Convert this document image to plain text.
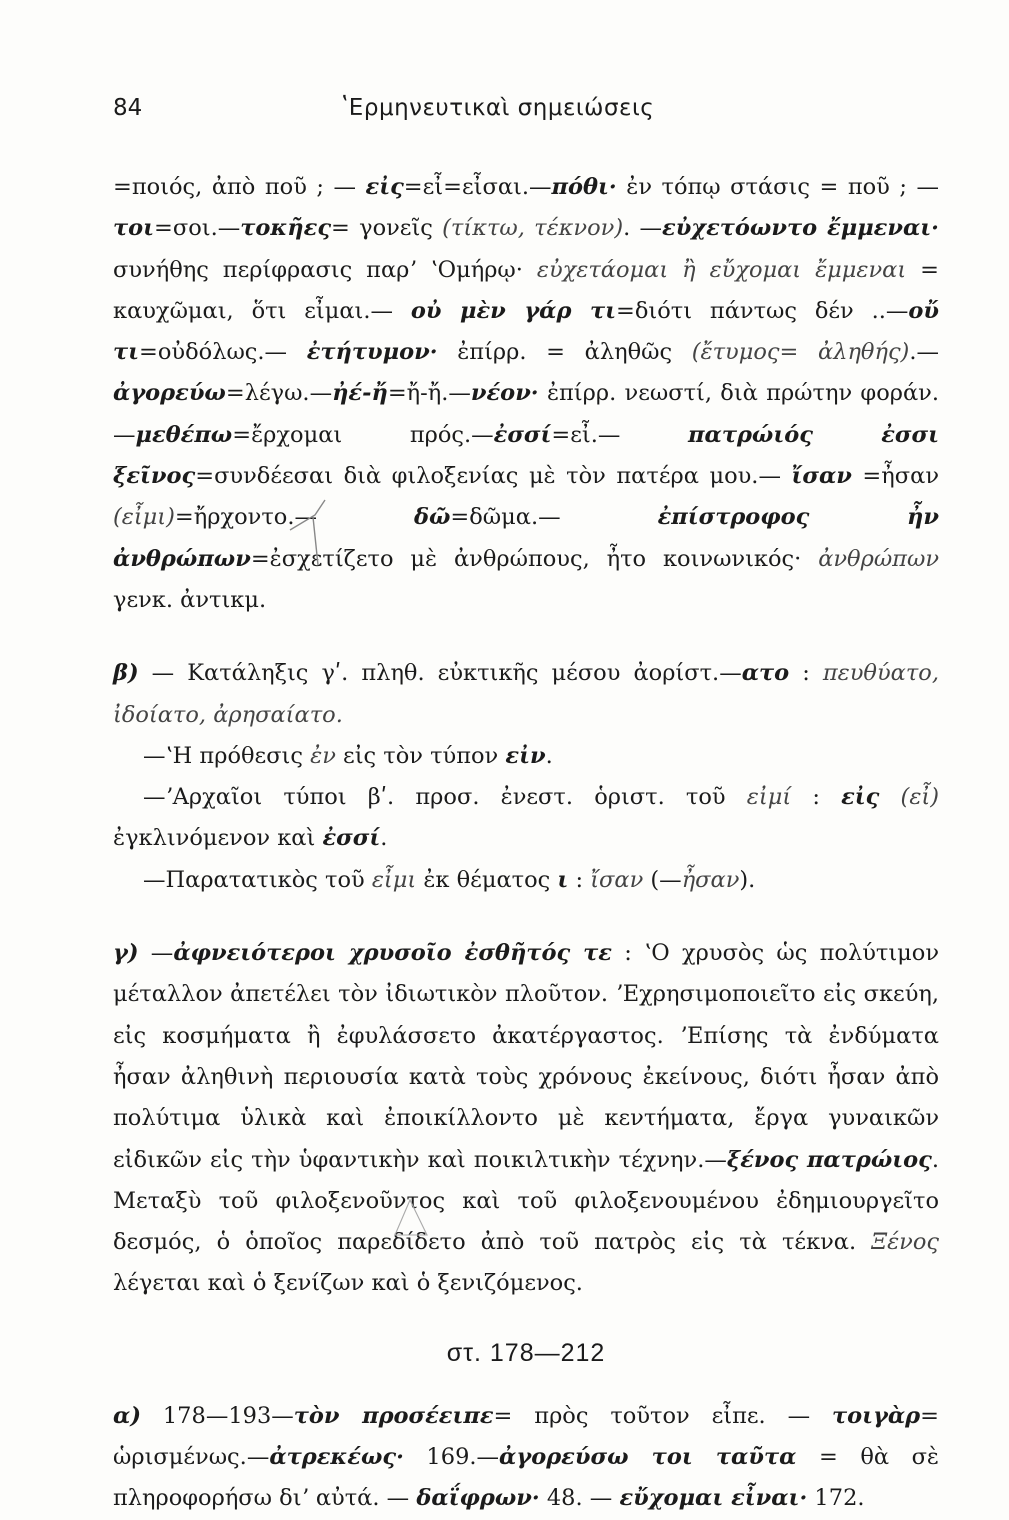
84	ʽΕρμηνευτικαὶ σημειώσεις

=ποιός, ἀπὸ ποῦ ; — εἰς=εἶ=εἶσαι.—πόθι· ἐν τόπῳ στάσις = ποῦ ; —τοι=σοι.—τοκῆες= γονεῖς (τίκτω, τέκνον). —εὐχετόωντο ἔμμεναι· συνήθης περίφρασις παρʼ ʽΟμήρῳ· εὐχετάομαι ἢ εὔχομαι ἔμμεναι = καυχῶμαι, ὅτι εἶμαι.— οὐ μὲν γάρ τι=διότι πάντως δέν ..—οὔ τι=οὐδόλως.— ἐτήτυμον· ἐπίρρ. = ἀληθῶς (ἔτυμος= ἀληθής).—ἀγορεύω=λέγω.—ἠέ-ἤ=ἤ-ἤ.—νέον· ἐπίρρ. νεωστί, διὰ πρώτην φοράν.—μεθέπω=ἔρχομαι πρός.—ἐσσί=εἶ.— πατρώιός ἐσσι ξεῖνος=συνδέεσαι διὰ φιλοξενίας μὲ τὸν πατέρα μου.— ἴσαν =ἦσαν (εἶμι)=ἤρχοντο.— δῶ=δῶμα.— ἐπίστροφος ἦν ἀνθρώπων=ἐσχετίζετο μὲ ἀνθρώπους, ἦτο κοινωνικός· ἀνθρώπων γενκ. ἀντικμ.

β) — Κατάληξις γʹ. πληθ. εὐκτικῆς μέσου ἀορίστ.—ατο : πευθύατο, ἰδοίατο, ἀρησαίατο.

—ʽΗ πρόθεσις ἐν εἰς τὸν τύπον εἰν.

—ʼΑρχαῖοι τύποι βʹ. προσ. ἐνεστ. ὁριστ. τοῦ εἰμί : εἰς (εἶ) ἐγκλινόμενον καὶ ἐσσί.

—Παρατατικὸς τοῦ εἶμι ἐκ θέματος ι : ἴσαν (—ἦσαν).

γ) —ἀφνειότεροι χρυσοῖο ἐσθῆτός τε : ʽΟ χρυσὸς ὡς πολύτιμον μέταλλον ἀπετέλει τὸν ἰδιωτικὸν πλοῦτον. ʼΕχρησιμοποιεῖτο εἰς σκεύη, εἰς κοσμήματα ἢ ἐφυλάσσετο ἀκατέργαστος. ʼΕπίσης τὰ ἐνδύματα ἦσαν ἀληθινὴ περιουσία κατὰ τοὺς χρόνους ἐκείνους, διότι ἦσαν ἀπὸ πολύτιμα ὑλικὰ καὶ ἐποικίλλοντο μὲ κεντήματα, ἔργα γυναικῶν εἰδικῶν εἰς τὴν ὑφαντικὴν καὶ ποικιλτικὴν τέχνην.—ξένος πατρώιος. Μεταξὺ τοῦ φιλοξενοῦντος καὶ τοῦ φιλοξενουμένου ἐδημιουργεῖτο δεσμός, ὁ ὁποῖος παρεδίδετο ἀπὸ τοῦ πατρὸς εἰς τὰ τέκνα. Ξένος λέγεται καὶ ὁ ξενίζων καὶ ὁ ξενιζόμενος.

στ. 178—212

α) 178—193—τὸν προσέειπε= πρὸς τοῦτον εἶπε. — τοιγὰρ= ὡρισμένως.—ἀτρεκέως· 169.—ἀγορεύσω τοι ταῦτα = θὰ σὲ πληροφορήσω διʼ αὐτά. — δαΐφρων· 48. — εὔχομαι εἶναι· 172.
